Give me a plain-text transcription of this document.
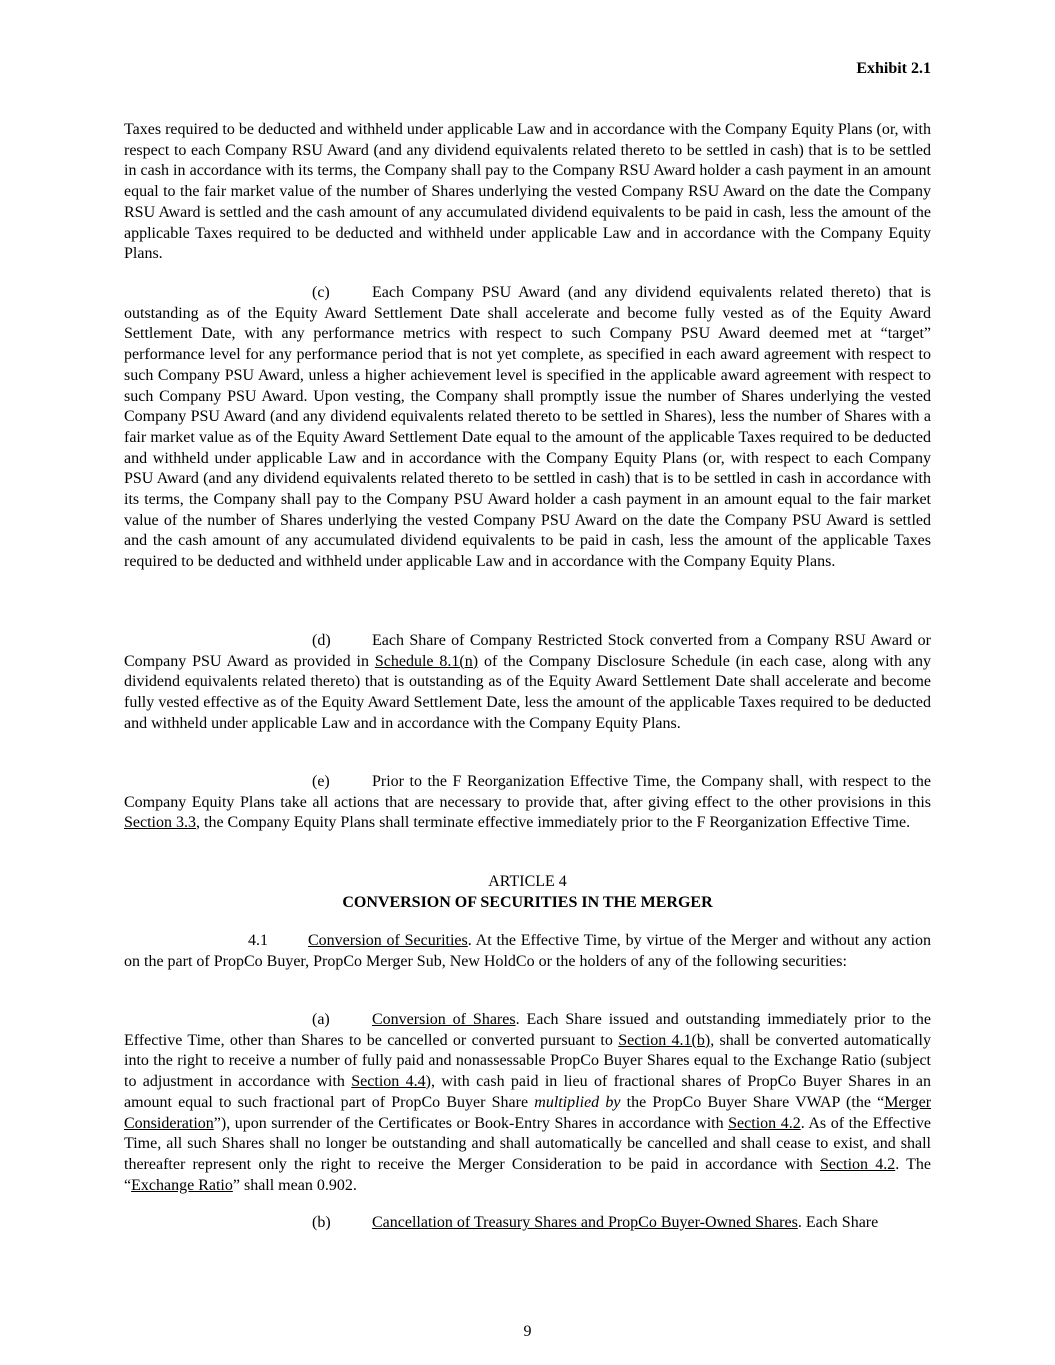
Exhibit 2.1

Taxes required to be deducted and withheld under applicable Law and in accordance with the Company Equity Plans (or, with respect to each Company RSU Award (and any dividend equivalents related thereto to be settled in cash) that is to be settled in cash in accordance with its terms, the Company shall pay to the Company RSU Award holder a cash payment in an amount equal to the fair market value of the number of Shares underlying the vested Company RSU Award on the date the Company RSU Award is settled and the cash amount of any accumulated dividend equivalents to be paid in cash, less the amount of the applicable Taxes required to be deducted and withheld under applicable Law and in accordance with the Company Equity Plans.

(c)	Each Company PSU Award (and any dividend equivalents related thereto) that is outstanding as of the Equity Award Settlement Date shall accelerate and become fully vested as of the Equity Award Settlement Date, with any performance metrics with respect to such Company PSU Award deemed met at “target” performance level for any performance period that is not yet complete, as specified in each award agreement with respect to such Company PSU Award, unless a higher achievement level is specified in the applicable award agreement with respect to such Company PSU Award. Upon vesting, the Company shall promptly issue the number of Shares underlying the vested Company PSU Award (and any dividend equivalents related thereto to be settled in Shares), less the number of Shares with a fair market value as of the Equity Award Settlement Date equal to the amount of the applicable Taxes required to be deducted and withheld under applicable Law and in accordance with the Company Equity Plans (or, with respect to each Company PSU Award (and any dividend equivalents related thereto to be settled in cash) that is to be settled in cash in accordance with its terms, the Company shall pay to the Company PSU Award holder a cash payment in an amount equal to the fair market value of the number of Shares underlying the vested Company PSU Award on the date the Company PSU Award is settled and the cash amount of any accumulated dividend equivalents to be paid in cash, less the amount of the applicable Taxes required to be deducted and withheld under applicable Law and in accordance with the Company Equity Plans.

(d)	Each Share of Company Restricted Stock converted from a Company RSU Award or Company PSU Award as provided in Schedule 8.1(n) of the Company Disclosure Schedule (in each case, along with any dividend equivalents related thereto) that is outstanding as of the Equity Award Settlement Date shall accelerate and become fully vested effective as of the Equity Award Settlement Date, less the amount of the applicable Taxes required to be deducted and withheld under applicable Law and in accordance with the Company Equity Plans.

(e)	Prior to the F Reorganization Effective Time, the Company shall, with respect to the Company Equity Plans take all actions that are necessary to provide that, after giving effect to the other provisions in this Section 3.3, the Company Equity Plans shall terminate effective immediately prior to the F Reorganization Effective Time.

ARTICLE 4
CONVERSION OF SECURITIES IN THE MERGER

4.1	Conversion of Securities. At the Effective Time, by virtue of the Merger and without any action on the part of PropCo Buyer, PropCo Merger Sub, New HoldCo or the holders of any of the following securities:

(a)	Conversion of Shares. Each Share issued and outstanding immediately prior to the Effective Time, other than Shares to be cancelled or converted pursuant to Section 4.1(b), shall be converted automatically into the right to receive a number of fully paid and nonassessable PropCo Buyer Shares equal to the Exchange Ratio (subject to adjustment in accordance with Section 4.4), with cash paid in lieu of fractional shares of PropCo Buyer Shares in an amount equal to such fractional part of PropCo Buyer Share multiplied by the PropCo Buyer Share VWAP (the “Merger Consideration”), upon surrender of the Certificates or Book-Entry Shares in accordance with Section 4.2. As of the Effective Time, all such Shares shall no longer be outstanding and shall automatically be cancelled and shall cease to exist, and shall thereafter represent only the right to receive the Merger Consideration to be paid in accordance with Section 4.2. The “Exchange Ratio” shall mean 0.902.

(b)	Cancellation of Treasury Shares and PropCo Buyer-Owned Shares. Each Share

9
